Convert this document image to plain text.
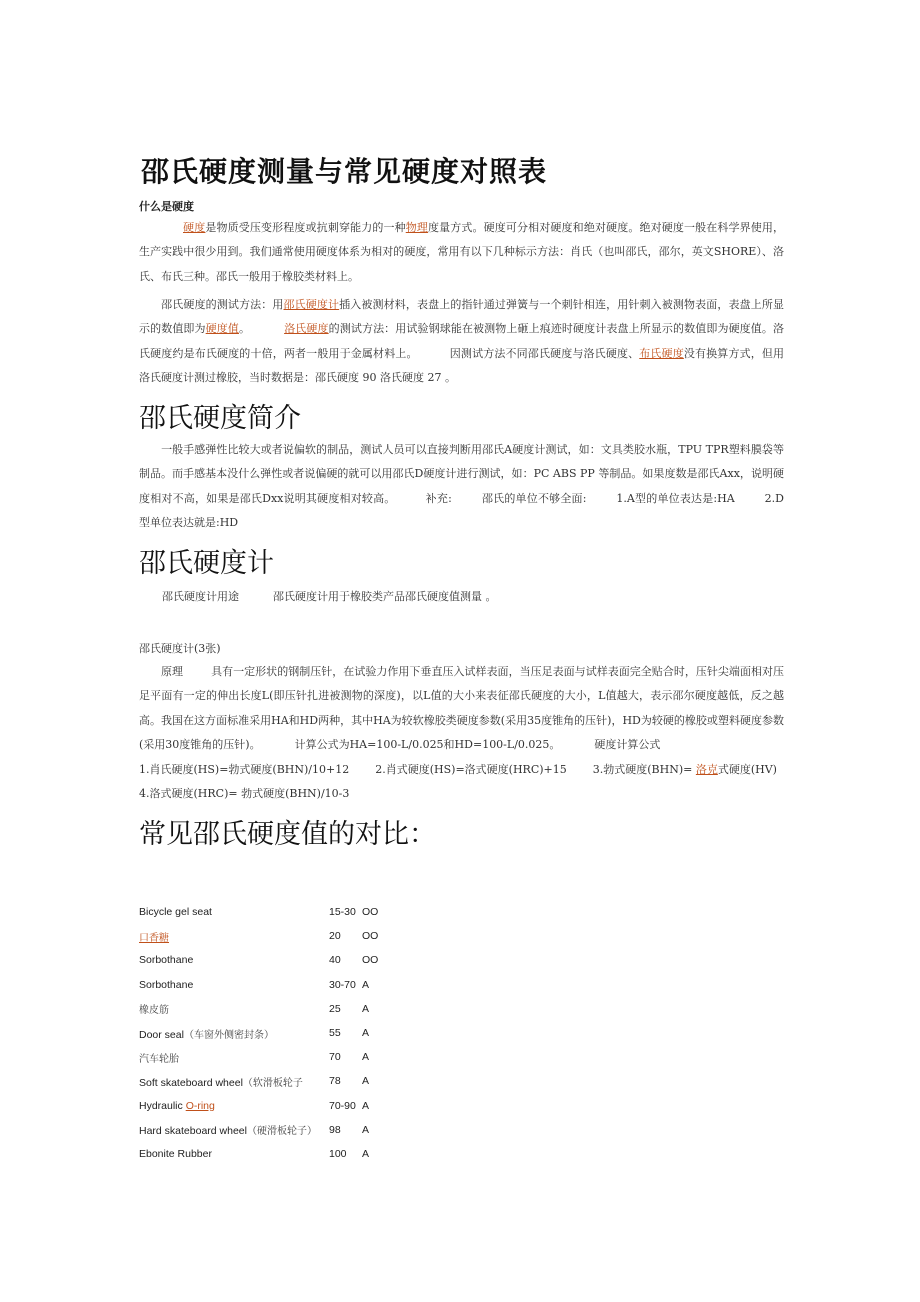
邵氏硬度测量与常见硬度对照表
什么是硬度
硬度是物质受压变形程度或抗刺穿能力的一种物理度量方式。硬度可分相对硬度和绝对硬度。绝对硬度一般在科学界使用，生产实践中很少用到。我们通常使用硬度体系为相对的硬度，常用有以下几种标示方法：肖氏（也叫邵氏，邵尔，英文SHORE）、洛氏、布氏三种。邵氏一般用于橡胶类材料上。
邵氏硬度的测试方法：用邵氏硬度计插入被测材料，表盘上的指针通过弹簧与一个刺针相连，用针刺入被测物表面，表盘上所显示的数值即为硬度值。	洛氏硬度的测试方法：用试验钢球能在被测物上砸上痕迹时硬度计表盘上所显示的数值即为硬度值。洛氏硬度约是布氏硬度的十倍，两者一般用于金属材料上。	因测试方法不同邵氏硬度与洛氏硬度、布氏硬度没有换算方式，但用洛氏硬度计测过橡胶，当时数据是：邵氏硬度 90 洛氏硬度 27 。
邵氏硬度简介
一般手感弹性比较大或者说偏软的制品，测试人员可以直接判断用邵氏A硬度计测试，如：文具类胶水瓶，TPU TPR塑料膜袋等制品。而手感基本没什么弹性或者说偏硬的就可以用邵氏D硬度计进行测试，如：PC ABS PP 等制品。如果度数是邵氏Axx，说明硬度相对不高，如果是邵氏Dxx说明其硬度相对较高。	补充:	邵氏的单位不够全面:	1.A型的单位表达是:HA	2.D型单位表达就是:HD
邵氏硬度计
邵氏硬度计用途	邵氏硬度计用于橡胶类产品邵氏硬度值测量 。
邵氏硬度计(3张)
原理	具有一定形状的钢制压针，在试验力作用下垂直压入试样表面，当压足表面与试样表面完全贴合时，压针尖端面相对压足平面有一定的伸出长度L(即压针扎进被测物的深度)，以L值的大小来表征邵氏硬度的大小，L值越大，表示邵尔硬度越低，反之越高。我国在这方面标准采用HA和HD两种，其中HA为较软橡胶类硬度参数(采用35度锥角的压针)，HD为较硬的橡胶或塑料硬度参数(采用30度锥角的压针)。	计算公式为HA=100-L/0.025和HD=100-L/0.025。	硬度计算公式
1.肖氏硬度(HS)=勃式硬度(BHN)/10+12 2.肖式硬度(HS)=洛式硬度(HRC)+15 3.勃式硬度(BHN)= 洛克式硬度(HV)
4.洛式硬度(HRC)= 勃式硬度(BHN)/10-3
常见邵氏硬度值的对比：
Bicycle gel seat	15-30	OO
口香糖	20	OO
Sorbothane	40	OO
Sorbothane	30-70	A
橡皮筋	25	A
Door seal（车窗外侧密封条）	55	A
汽车轮胎	70	A
Soft skateboard wheel（软滑板轮子	78	A
Hydraulic O-ring	70-90	A
Hard skateboard wheel（硬滑板轮子）	98	A
Ebonite Rubber	100	A
